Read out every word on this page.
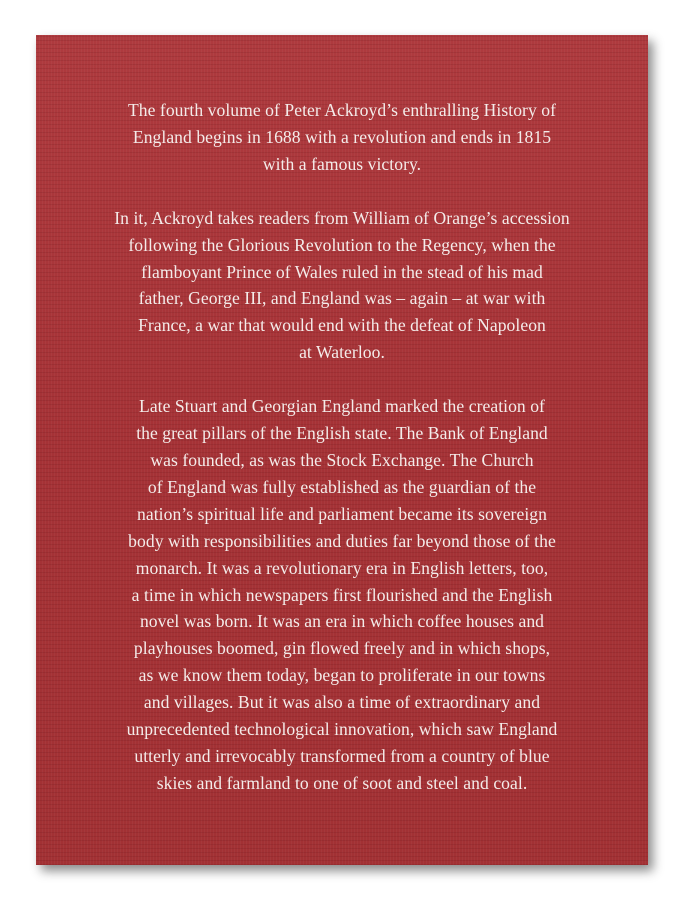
The fourth volume of Peter Ackroyd’s enthralling History of
England begins in 1688 with a revolution and ends in 1815
with a famous victory.

In it, Ackroyd takes readers from William of Orange’s accession
following the Glorious Revolution to the Regency, when the
flamboyant Prince of Wales ruled in the stead of his mad
father, George III, and England was – again – at war with
France, a war that would end with the defeat of Napoleon
at Waterloo.

Late Stuart and Georgian England marked the creation of
the great pillars of the English state. The Bank of England
was founded, as was the Stock Exchange. The Church
of England was fully established as the guardian of the
nation’s spiritual life and parliament became its sovereign
body with responsibilities and duties far beyond those of the
monarch. It was a revolutionary era in English letters, too,
a time in which newspapers first flourished and the English
novel was born. It was an era in which coffee houses and
playhouses boomed, gin flowed freely and in which shops,
as we know them today, began to proliferate in our towns
and villages. But it was also a time of extraordinary and
unprecedented technological innovation, which saw England
utterly and irrevocably transformed from a country of blue
skies and farmland to one of soot and steel and coal.
